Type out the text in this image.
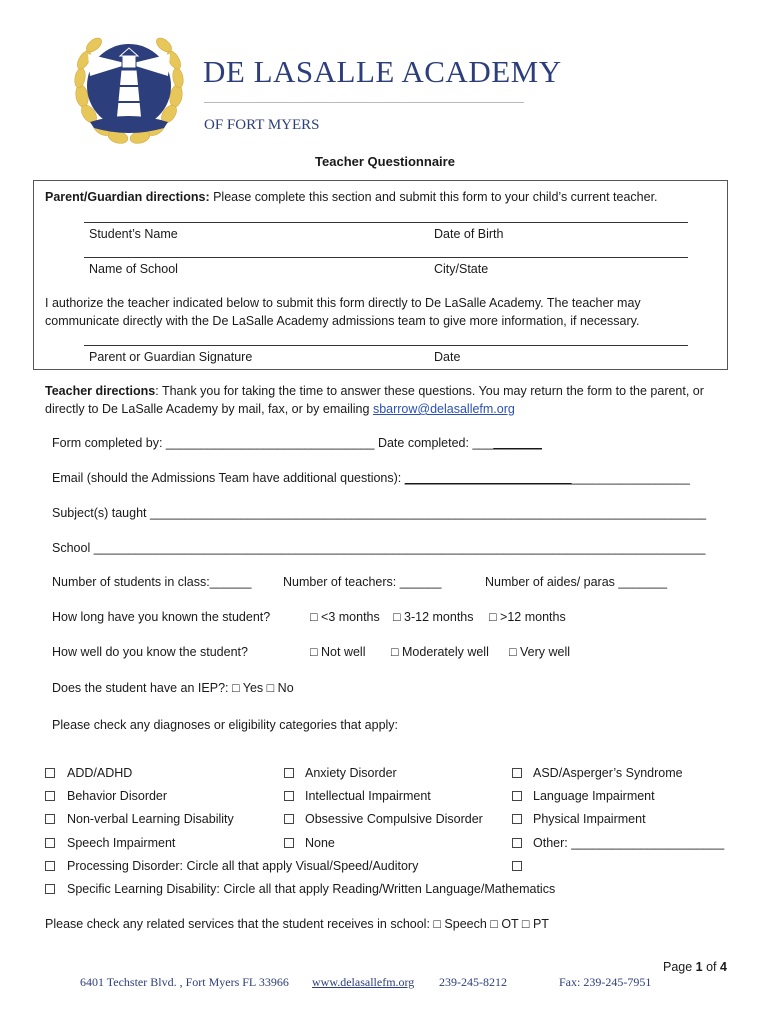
DE LASALLE ACADEMY
OF FORT MYERS
Teacher Questionnaire
Parent/Guardian directions: Please complete this section and submit this form to your child’s current teacher.
Student’s Name	Date of Birth
Name of School	City/State
I authorize the teacher indicated below to submit this form directly to De LaSalle Academy. The teacher may
communicate directly with the De LaSalle Academy admissions team to give more information, if necessary.
Parent or Guardian Signature	Date
Teacher directions: Thank you for taking the time to answer these questions. You may return the form to the parent, or
directly to De LaSalle Academy by mail, fax, or by emailing sbarrow@delasallefm.org
Form completed by: ______________________________ Date completed: __________
Email (should the Admissions Team have additional questions): _________________________________________
Subject(s) taught ________________________________________________________________________________
School ________________________________________________________________________________________
Number of students in class:______	Number of teachers: ______	Number of aides/ paras _______
How long have you known the student?	□ <3 months □ 3-12 months □ >12 months
How well do you know the student?	□ Not well □ Moderately well □ Very well
Does the student have an IEP?: □ Yes □ No
Please check any diagnoses or eligibility categories that apply:
ADD/ADHD	Anxiety Disorder	ASD/Asperger’s Syndrome
Behavior Disorder	Intellectual Impairment	Language Impairment
Non-verbal Learning Disability	Obsessive Compulsive Disorder	Physical Impairment
Speech Impairment	None	Other: ______________________
Processing Disorder: Circle all that apply Visual/Speed/Auditory
Specific Learning Disability: Circle all that apply Reading/Written Language/Mathematics
Please check any related services that the student receives in school: □ Speech □ OT □ PT
Page 1 of 4
6401 Techster Blvd. , Fort Myers FL 33966 www.delasallefm.org 239-245-8212	Fax: 239-245-7951
